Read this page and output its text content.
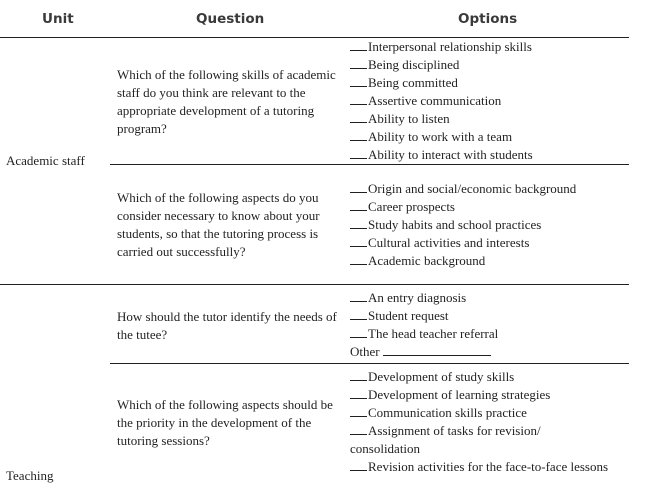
Unit	Question	Options
Academic staff
Which of the following skills of academic staff do you think are relevant to the appropriate development of a tutoring program?
Interpersonal relationship skills
Being disciplined
Being committed
Assertive communication
Ability to listen
Ability to work with a team
Ability to interact with students
Which of the following aspects do you consider necessary to know about your students, so that the tutoring process is carried out successfully?
Origin and social/economic background
Career prospects
Study habits and school practices
Cultural activities and interests
Academic background
How should the tutor identify the needs of the tutee?
An entry diagnosis
Student request
The head teacher referral
Other
Which of the following aspects should be the priority in the development of the tutoring sessions?
Development of study skills
Development of learning strategies
Communication skills practice
Assignment of tasks for revision/
consolidation
Revision activities for the face-to-face lessons
Teaching
